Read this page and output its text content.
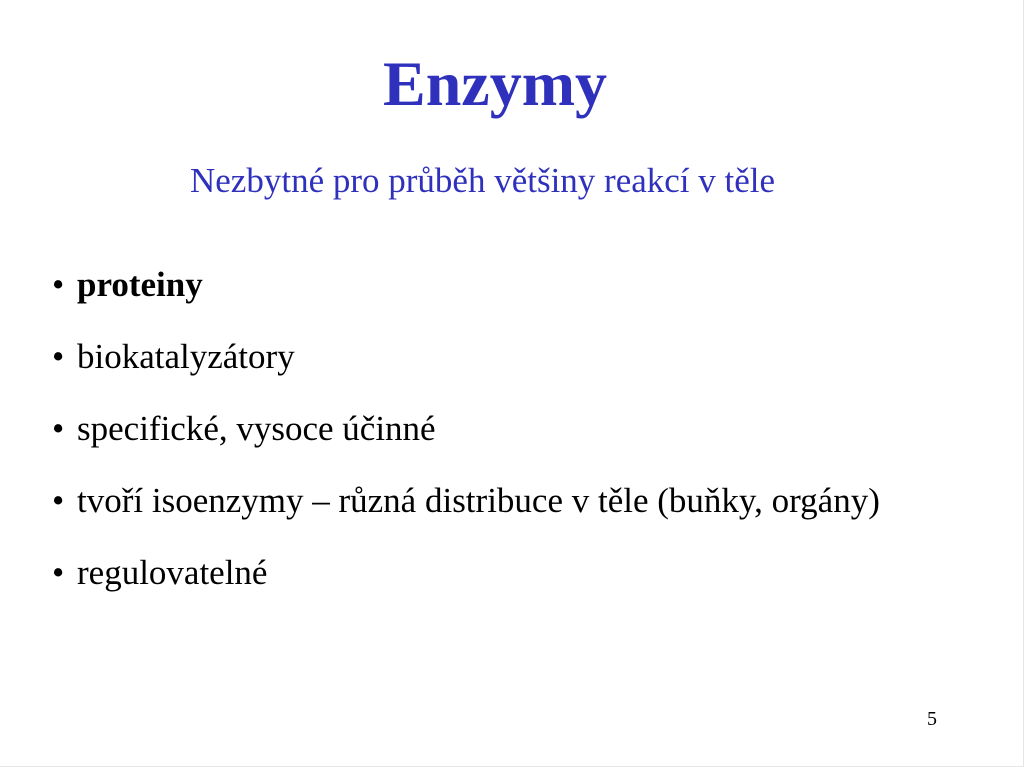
Enzymy
Nezbytné pro průběh většiny reakcí v těle
• proteiny
• biokatalyzátory
• specifické, vysoce účinné
• tvoří isoenzymy – různá distribuce v těle (buňky, orgány)
• regulovatelné
5
